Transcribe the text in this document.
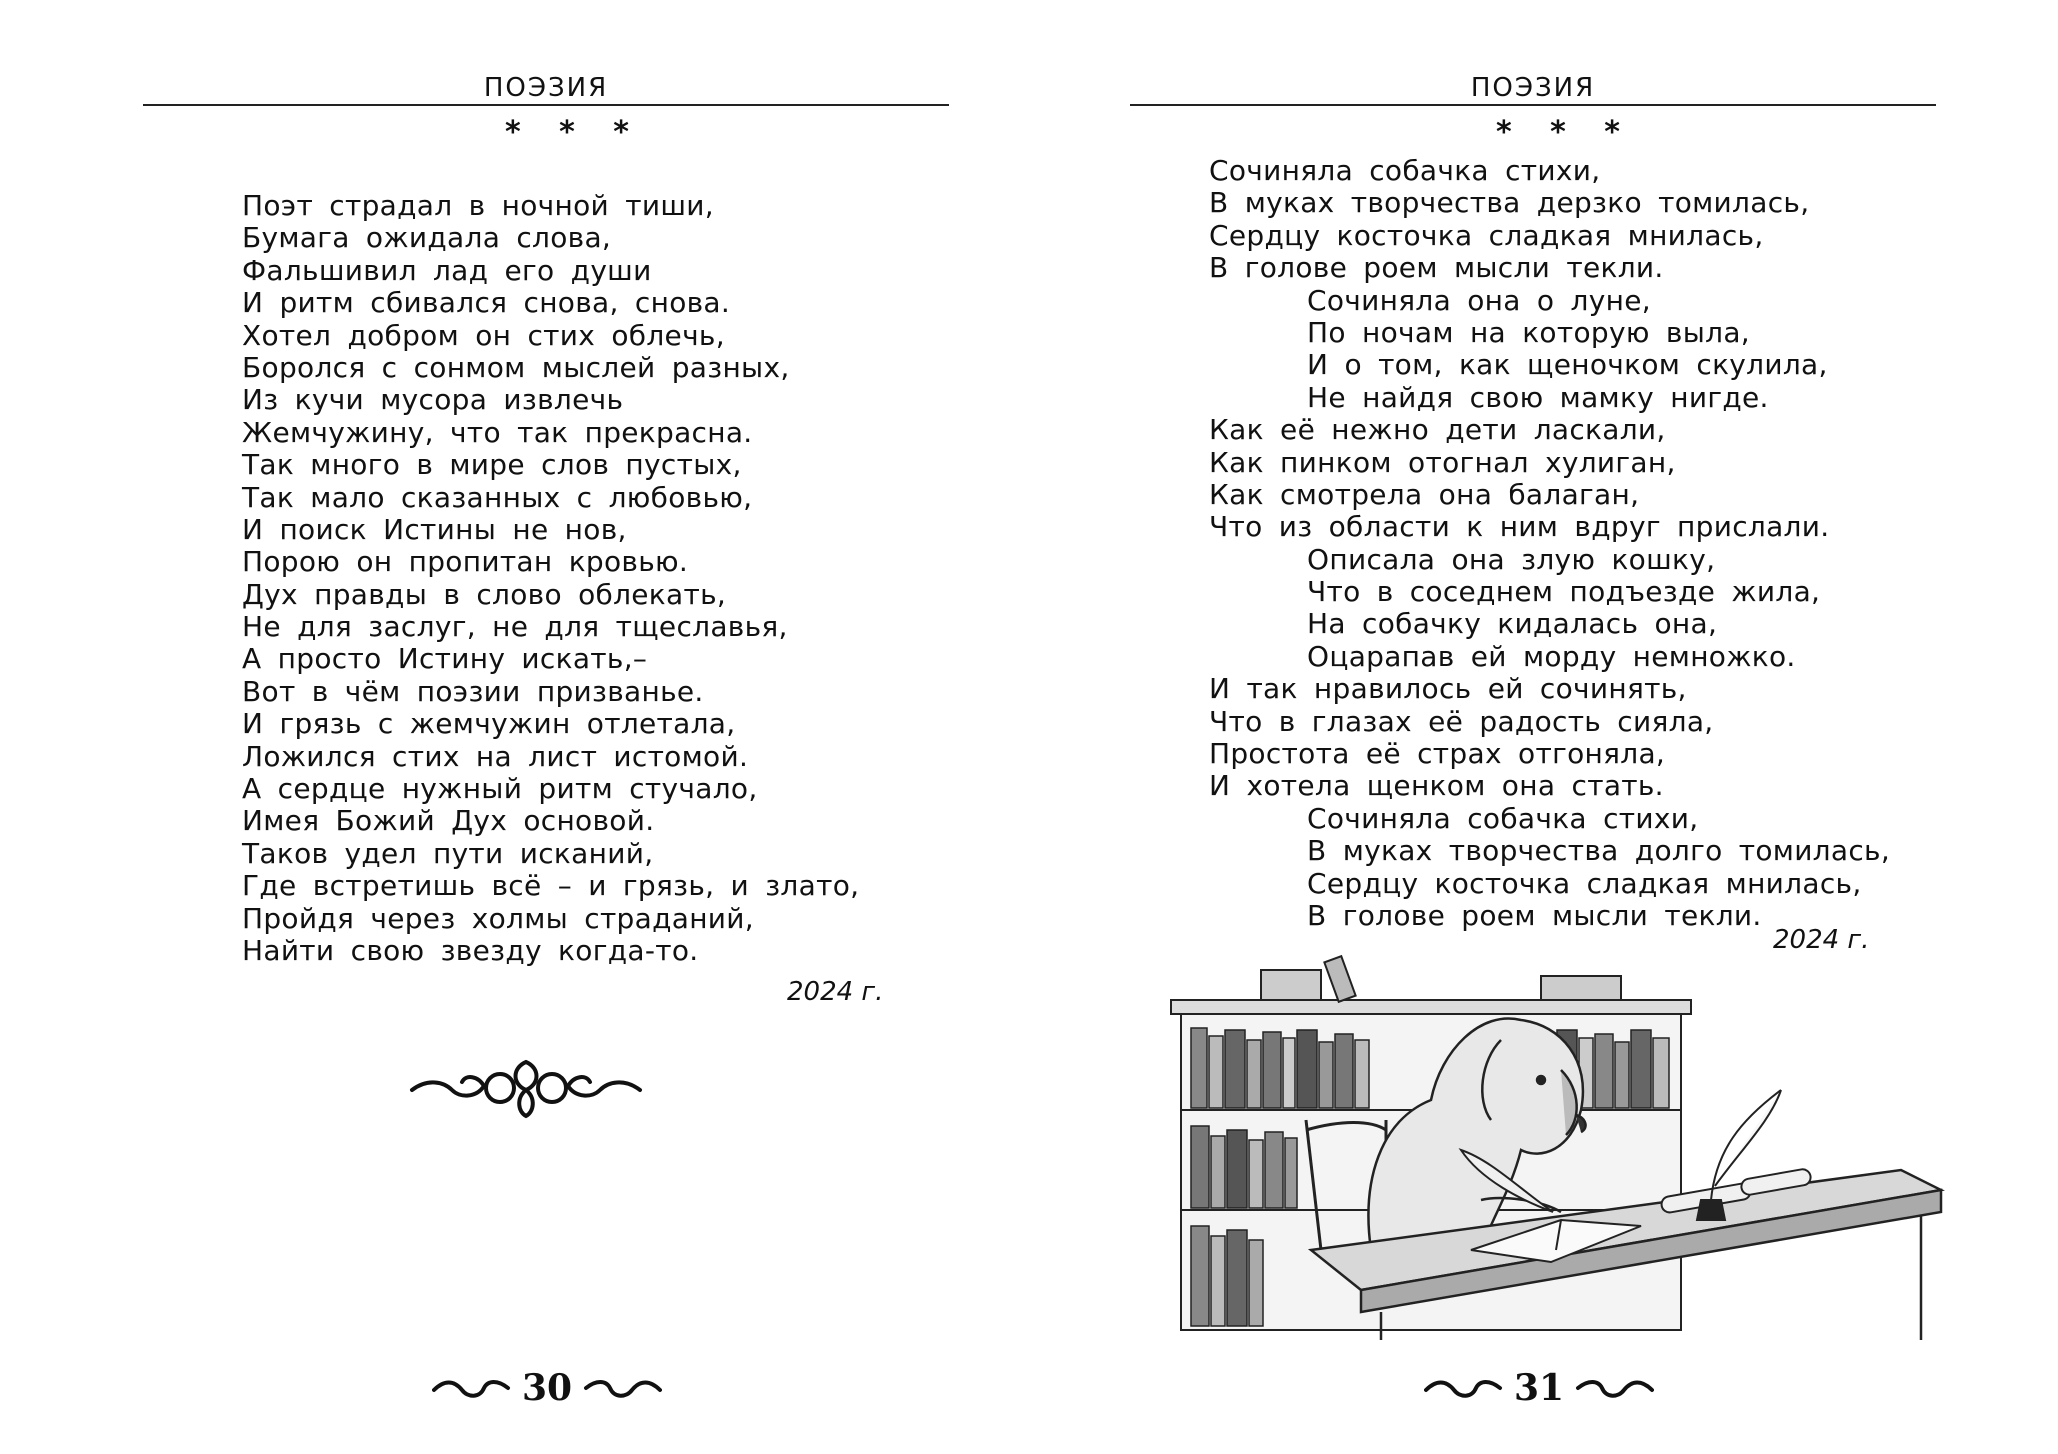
ПОЭЗИЯ
* * *
Поэт страдал в ночной тиши,
Бумага ожидала слова,
Фальшивил лад его души
И ритм сбивался снова, снова.
Хотел добром он стих облечь,
Боролся с сонмом мыслей разных,
Из кучи мусора извлечь
Жемчужину, что так прекрасна.
Так много в мире слов пустых,
Так мало сказанных с любовью,
И поиск Истины не нов,
Порою он пропитан кровью.
Дух правды в слово облекать,
Не для заслуг, не для тщеславья,
А просто Истину искать,–
Вот в чём поэзии призванье.
И грязь с жемчужин отлетала,
Ложился стих на лист истомой.
А сердце нужный ритм стучало,
Имея Божий Дух основой.
Таков удел пути исканий,
Где встретишь всё – и грязь, и злато,
Пройдя через холмы страданий,
Найти свою звезду когда-то.
2024 г.
30
ПОЭЗИЯ
* * *
Сочиняла собачка стихи,
В муках творчества дерзко томилась,
Сердцу косточка сладкая мнилась,
В голове роем мысли текли.
Сочиняла она о луне,
По ночам на которую выла,
И о том, как щеночком скулила,
Не найдя свою мамку нигде.
Как её нежно дети ласкали,
Как пинком отогнал хулиган,
Как смотрела она балаган,
Что из области к ним вдруг прислали.
Описала она злую кошку,
Что в соседнем подъезде жила,
На собачку кидалась она,
Оцарапав ей морду немножко.
И так нравилось ей сочинять,
Что в глазах её радость сияла,
Простота её страх отгоняла,
И хотела щенком она стать.
Сочиняла собачка стихи,
В муках творчества долго томилась,
Сердцу косточка сладкая мнилась,
В голове роем мысли текли.
2024 г.
31
